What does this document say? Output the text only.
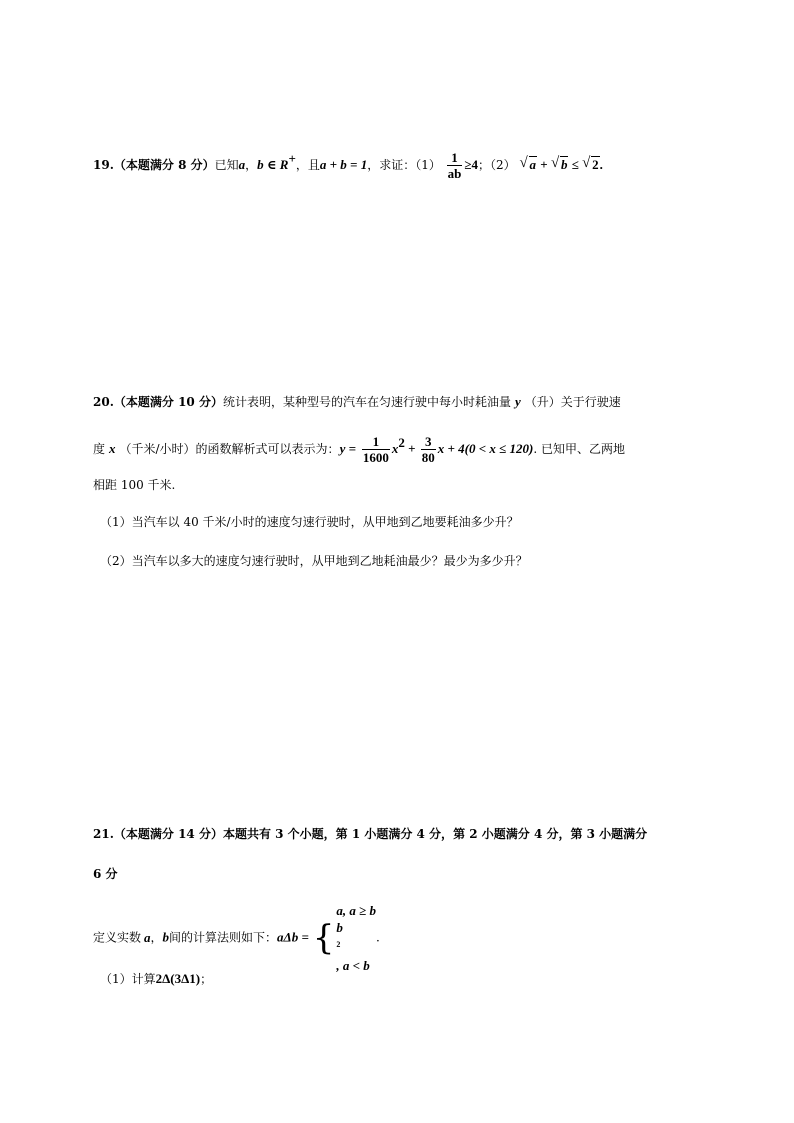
19.（本题满分 8 分）已知a，b ∈ R+，且a + b = 1，求证：$(1) \frac{1}{ab} \ge 4$；（2） √ a + √ b ≤ √ 2.
20.（本题满分 10 分）统计表明，某种型号的汽车在匀速行驶中每小时耗油量 y （升）关于行驶速
度 x （千米/小时）的函数解析式可以表示为：$y = \frac{1}{1600} x^2 + \frac{3}{80}$ x + 4(0 < x ≤ 120). 已知甲、乙两地
相距 100 千米.
（1）当汽车以 40 千米/小时的速度匀速行驶时，从甲地到乙地要耗油多少升？
（2）当汽车以多大的速度匀速行驶时，从甲地到乙地耗油最少？最少为多少升？
21.（本题满分 14 分）本题共有 3 个小题，第 1 小题满分 4 分，第 2 小题满分 4 分，第 3 小题满分
6 分
定义实数 a，b间的计算法则如下：aΔb = {
a, a ≥ b
b
$^2$
, a < b
.
（1）计算2Δ(3Δ1)；
